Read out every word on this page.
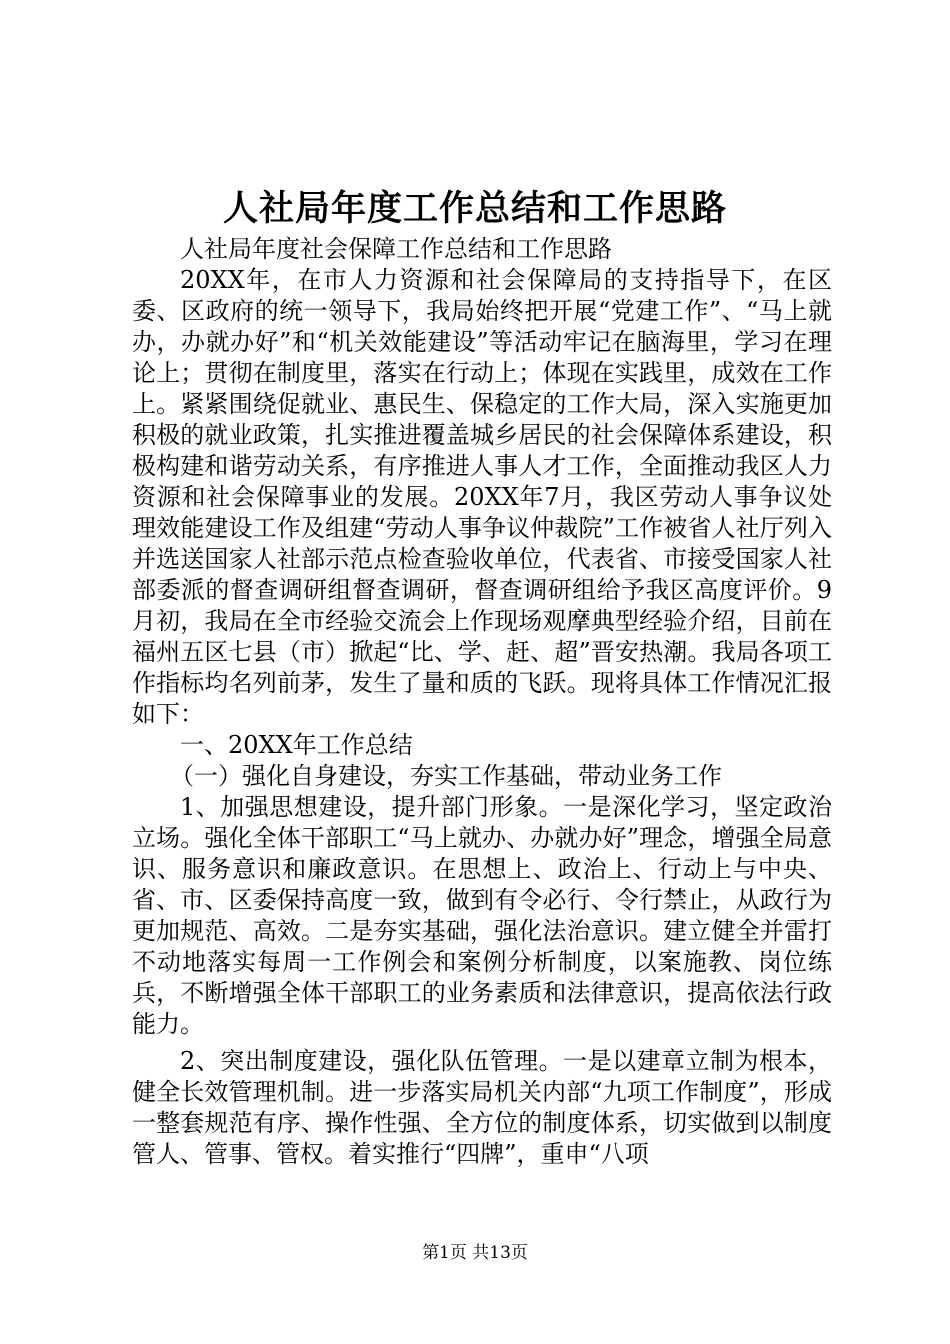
人社局年度工作总结和工作思路

人社局年度社会保障工作总结和工作思路

20XX年，在市人力资源和社会保障局的支持指导下，在区委、区政府的统一领导下，我局始终把开展“党建工作”、“马上就办，办就办好”和“机关效能建设”等活动牢记在脑海里，学习在理论上；贯彻在制度里，落实在行动上；体现在实践里，成效在工作上。紧紧围绕促就业、惠民生、保稳定的工作大局，深入实施更加积极的就业政策，扎实推进覆盖城乡居民的社会保障体系建设，积极构建和谐劳动关系，有序推进人事人才工作，全面推动我区人力资源和社会保障事业的发展。20XX年7月，我区劳动人事争议处理效能建设工作及组建“劳动人事争议仲裁院”工作被省人社厅列入并选送国家人社部示范点检查验收单位，代表省、市接受国家人社部委派的督查调研组督查调研，督查调研组给予我区高度评价。9月初，我局在全市经验交流会上作现场观摩典型经验介绍，目前在福州五区七县（市）掀起“比、学、赶、超”晋安热潮。我局各项工作指标均名列前茅，发生了量和质的飞跃。现将具体工作情况汇报如下：

一、20XX年工作总结

（一）强化自身建设，夯实工作基础，带动业务工作

1、加强思想建设，提升部门形象。一是深化学习，坚定政治立场。强化全体干部职工“马上就办、办就办好”理念，增强全局意识、服务意识和廉政意识。在思想上、政治上、行动上与中央、省、市、区委保持高度一致，做到有令必行、令行禁止，从政行为更加规范、高效。二是夯实基础，强化法治意识。建立健全并雷打不动地落实每周一工作例会和案例分析制度，以案施教、岗位练兵，不断增强全体干部职工的业务素质和法律意识，提高依法行政能力。

2、突出制度建设，强化队伍管理。一是以建章立制为根本，健全长效管理机制。进一步落实局机关内部“九项工作制度”，形成一整套规范有序、操作性强、全方位的制度体系，切实做到以制度管人、管事、管权。着实推行“四牌”，重申“八项

第1页 共13页
